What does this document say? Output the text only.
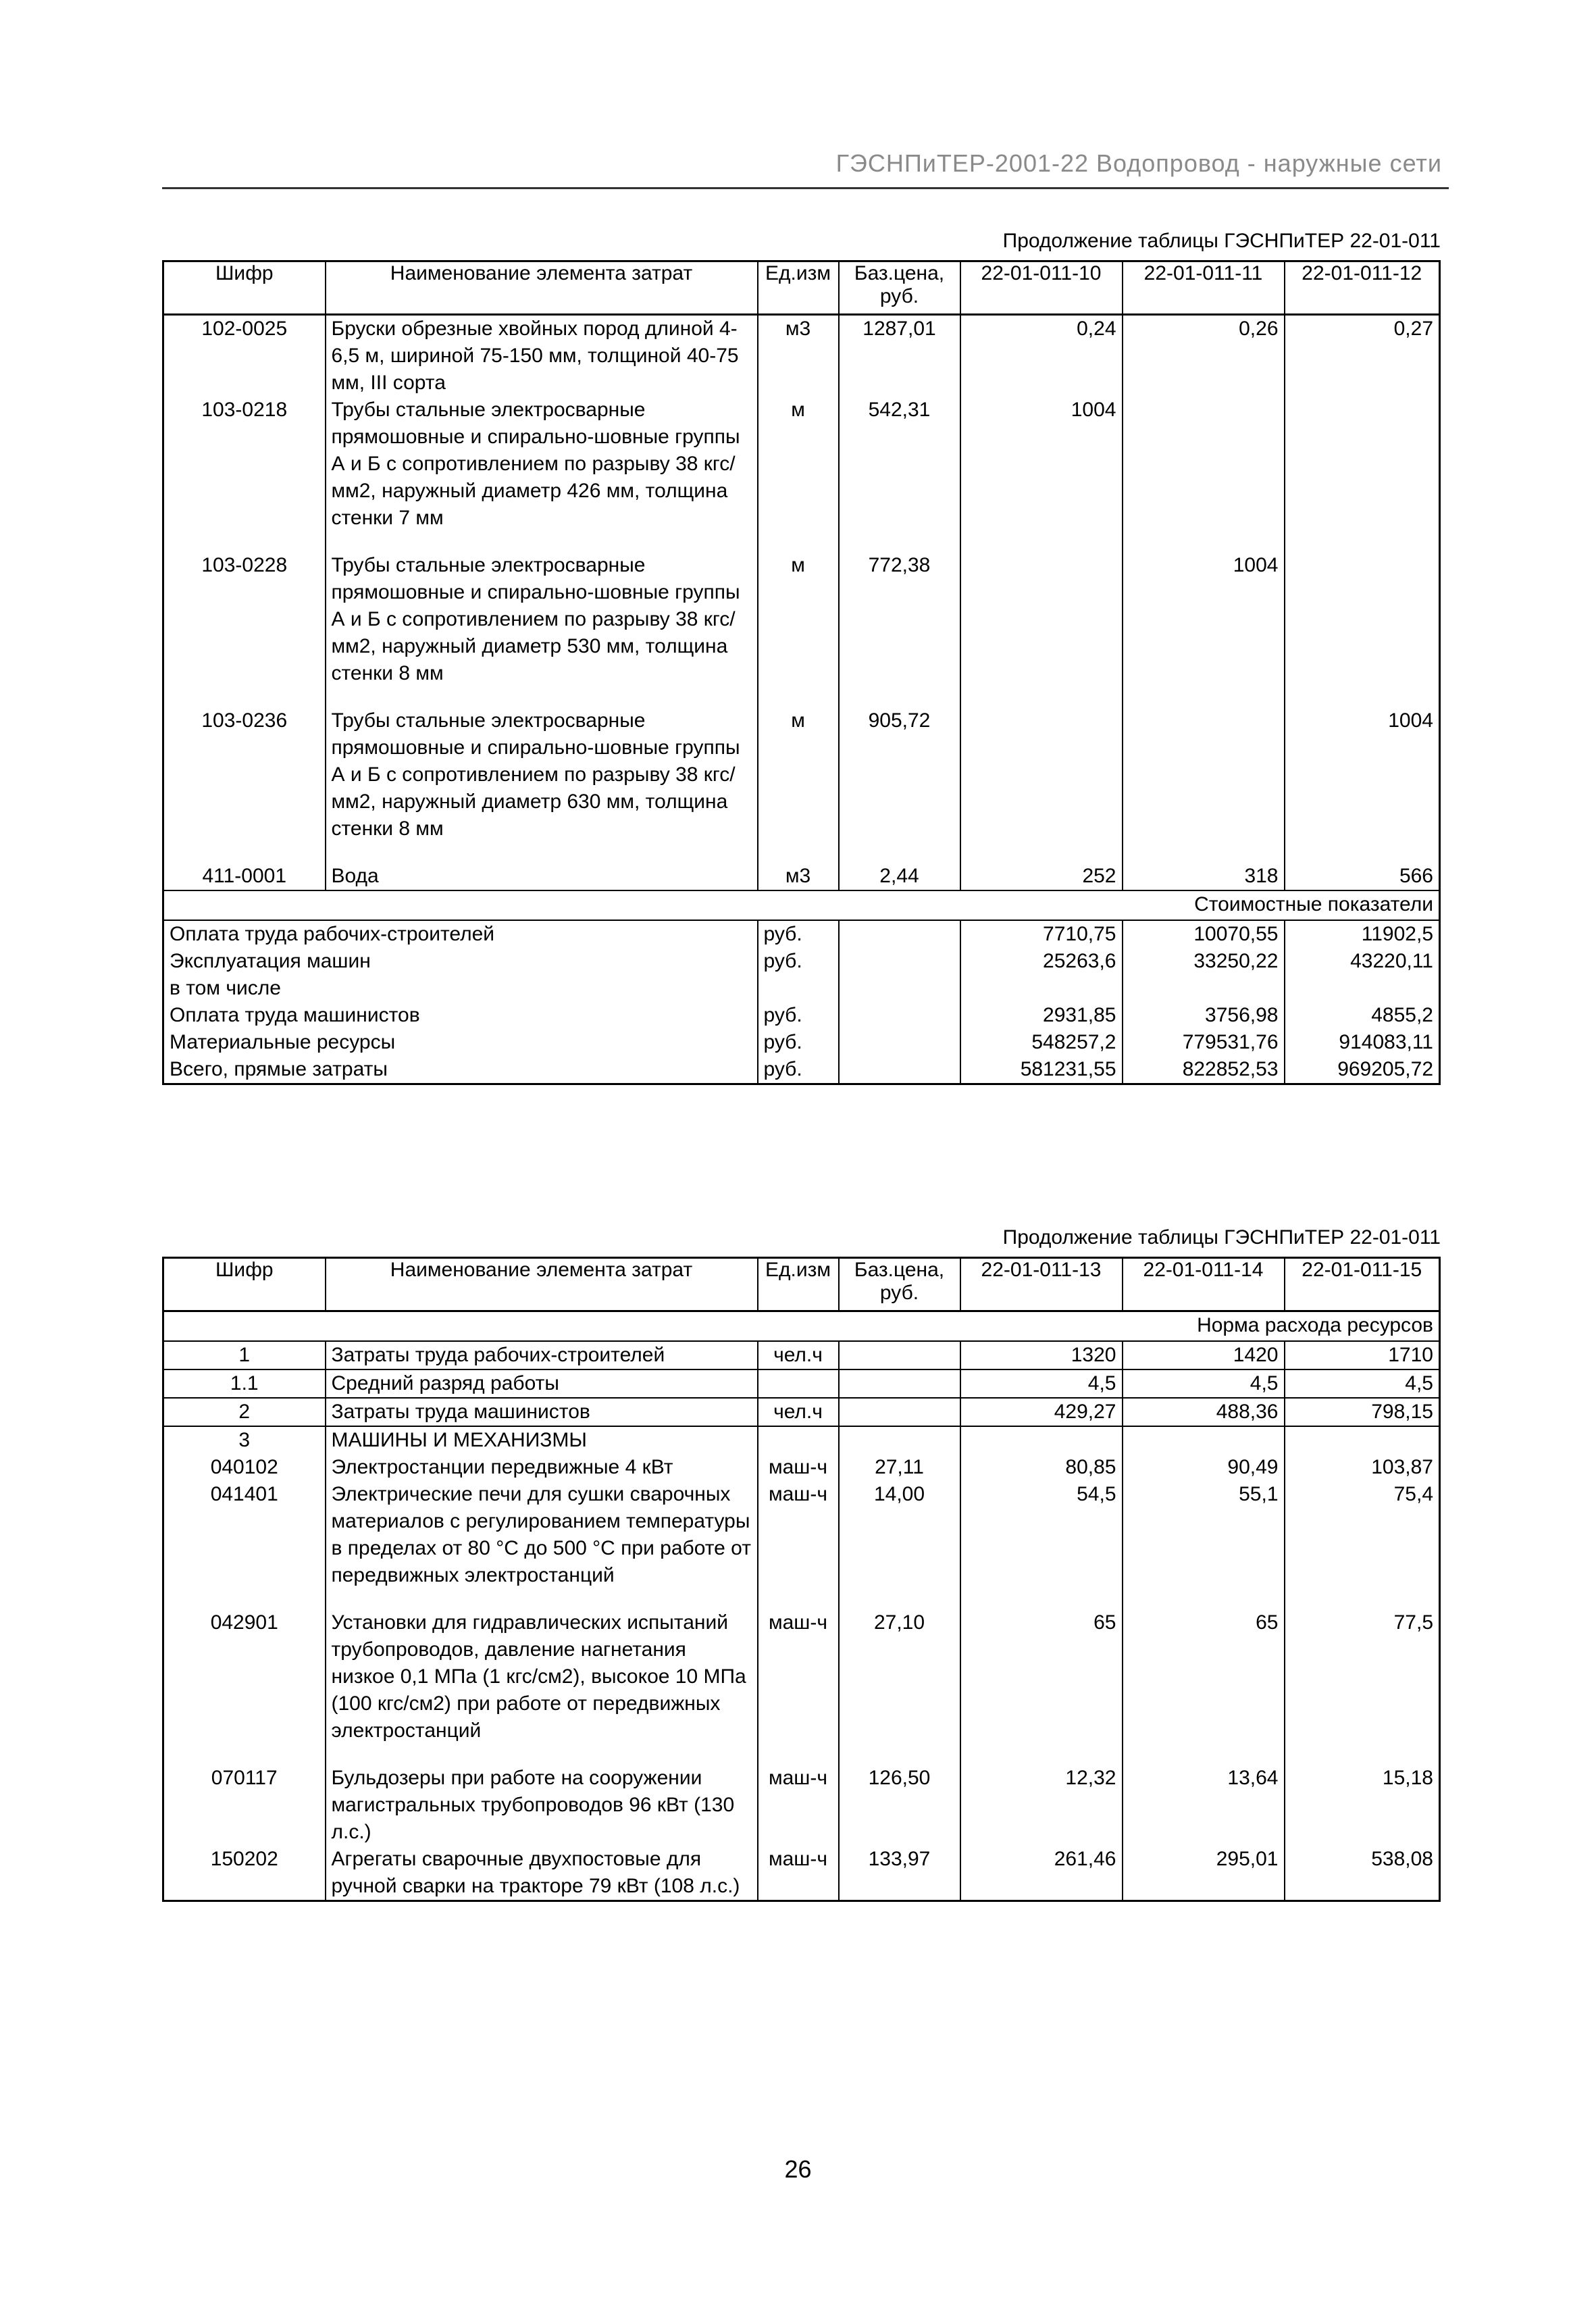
ГЭСНПиТЕР-2001-22 Водопровод - наружные сети
Продолжение таблицы ГЭСНПиТЕР 22-01-011
Шифр	Наименование элемента затрат	Ед.изм	Баз.цена, руб.	22-01-011-10	22-01-011-11	22-01-011-12
102-0025	Бруски обрезные хвойных пород длиной 4-6,5 м, шириной 75-150 мм, толщиной 40-75 мм, III сорта	м3	1287,01	0,24	0,26	0,27
103-0218	Трубы стальные электросварные прямошовные и спирально-шовные группы А и Б с сопротивлением по разрыву 38 кгс/мм2, наружный диаметр 426 мм, толщина стенки 7 мм	м	542,31	1004		

103-0228	Трубы стальные электросварные прямошовные и спирально-шовные группы А и Б с сопротивлением по разрыву 38 кгс/мм2, наружный диаметр 530 мм, толщина стенки 8 мм	м	772,38		1004	

103-0236	Трубы стальные электросварные прямошовные и спирально-шовные группы А и Б с сопротивлением по разрыву 38 кгс/мм2, наружный диаметр 630 мм, толщина стенки 8 мм	м	905,72			1004

411-0001	Вода	м3	2,44	252	318	566
Стоимостные показатели						
Оплата труда рабочих-строителей		руб.		7710,75	10070,55	11902,5
Эксплуатация машин		руб.		25263,6	33250,22	43220,11
в том числе						
Оплата труда машинистов		руб.		2931,85	3756,98	4855,2
Материальные ресурсы		руб.		548257,2	779531,76	914083,11
Всего, прямые затраты		руб.		581231,55	822852,53	969205,72
Продолжение таблицы ГЭСНПиТЕР 22-01-011
Шифр	Наименование элемента затрат	Ед.изм	Баз.цена, руб.	22-01-011-13	22-01-011-14	22-01-011-15
Норма расхода ресурсов						
1	Затраты труда рабочих-строителей	чел.ч		1320	1420	1710
1.1	Средний разряд работы			4,5	4,5	4,5
2	Затраты труда машинистов	чел.ч		429,27	488,36	798,15
3	МАШИНЫ И МЕХАНИЗМЫ					
040102	Электростанции передвижные 4 кВт	маш-ч	27,11	80,85	90,49	103,87
041401	Электрические печи для сушки сварочных материалов с регулированием температуры в пределах от 80 °С до 500 °С при работе от передвижных электростанций	маш-ч	14,00	54,5	55,1	75,4

042901	Установки для гидравлических испытаний трубопроводов, давление нагнетания низкое 0,1 МПа (1 кгс/см2), высокое 10 МПа (100 кгс/см2) при работе от передвижных электростанций	маш-ч	27,10	65	65	77,5

070117	Бульдозеры при работе на сооружении магистральных трубопроводов 96 кВт (130 л.с.)	маш-ч	126,50	12,32	13,64	15,18
150202	Агрегаты сварочные двухпостовые для ручной сварки на тракторе 79 кВт (108 л.с.)	маш-ч	133,97	261,46	295,01	538,08
26
